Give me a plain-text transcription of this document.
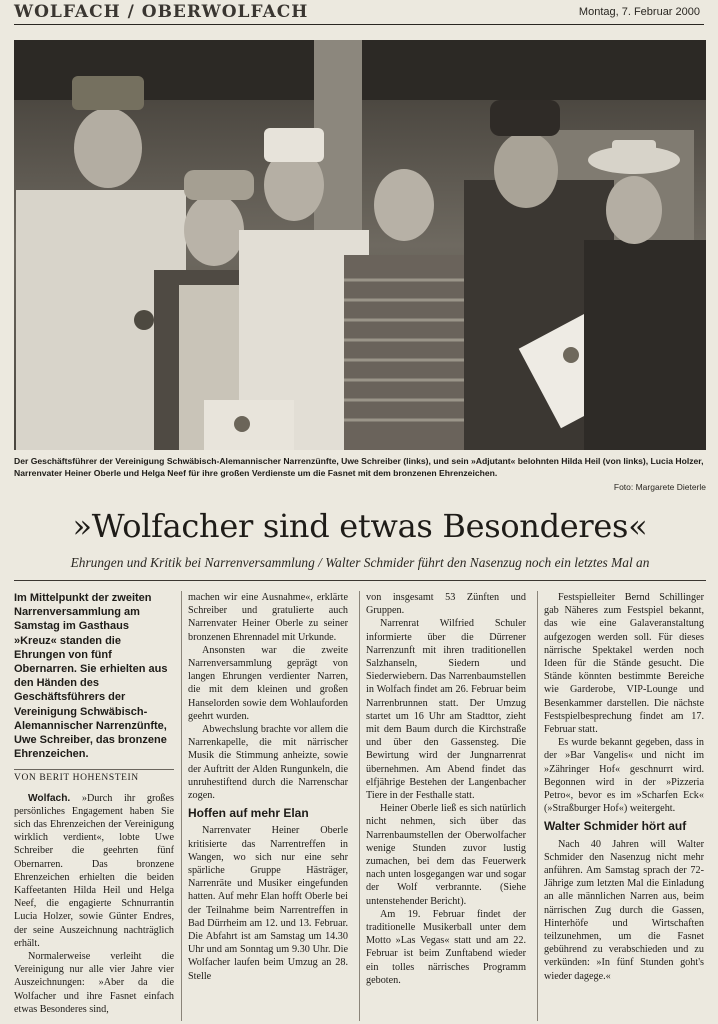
WOLFACH / OBERWOLFACH	Montag, 7. Februar 2000
Der Geschäftsführer der Vereinigung Schwäbisch-Alemannischer Narrenzünfte, Uwe Schreiber (links), und sein »Adjutant« belohnten Hilda Heil (von links), Lucia Holzer, Narrenvater Heiner Oberle und Helga Neef für ihre großen Verdienste um die Fasnet mit dem bronzenen Ehrenzeichen.
Foto: Margarete Dieterle
»Wolfacher sind etwas Besonderes«
Ehrungen und Kritik bei Narrenversammlung / Walter Schmider führt den Nasenzug noch ein letztes Mal an

Im Mittelpunkt der zweiten Narrenversammlung am Samstag im Gasthaus »Kreuz« standen die Ehrungen von fünf Obernarren. Sie erhielten aus den Händen des Geschäftsführers der Vereinigung Schwäbisch-Alemannischer Narrenzünfte, Uwe Schreiber, das bronzene Ehrenzeichen.

VON BERIT HOHENSTEIN

Wolfach. »Durch ihr großes persönliches Engagement haben Sie sich das Ehrenzeichen der Vereinigung wirklich verdient«, lobte Uwe Schreiber die geehrten fünf Obernarren. Das bronzene Ehrenzeichen erhielten die beiden Kaffeetanten Hilda Heil und Helga Neef, die engagierte Schnurrantin Lucia Holzer, sowie Günter Endres, der seine Auszeichnung nachträglich erhält.

Normalerweise verleiht die Vereinigung nur alle vier Jahre vier Auszeichnungen: »Aber da die Wolfacher und ihre Fasnet einfach etwas Besonderes sind,

machen wir eine Ausnahme«, erklärte Schreiber und gratulierte auch Narrenvater Heiner Oberle zu seiner bronzenen Ehrennadel mit Urkunde.

Ansonsten war die zweite Narrenversammlung geprägt von langen Ehrungen verdienter Narren, die mit dem kleinen und großen Hanselorden sowie dem Wohlauforden geehrt wurden.

Abwechslung brachte vor allem die Narrenkapelle, die mit närrischer Musik die Stimmung anheizte, sowie der Auftritt der Alden Rungunkeln, die unruhestiftend durch die Narrenschar zogen.

Hoffen auf mehr Elan

Narrenvater Heiner Oberle kritisierte das Narrentreffen in Wangen, wo sich nur eine sehr spärliche Gruppe Hästräger, Narrenräte und Musiker eingefunden hatten. Auf mehr Elan hofft Oberle bei der Teilnahme beim Narrentreffen in Bad Dürrheim am 12. und 13. Februar. Die Abfahrt ist am Samstag um 14.30 Uhr und am Sonntag um 9.30 Uhr. Die Wolfacher laufen beim Umzug an 28. Stelle

von insgesamt 53 Zünften und Gruppen.

Narrenrat Wilfried Schuler informierte über die Dürrener Narrenzunft mit ihren traditionellen Salzhanseln, Siedern und Siederwiebern. Das Narrenbaumstellen in Wolfach findet am 26. Februar beim Narrenbrunnen statt. Der Umzug startet um 16 Uhr am Stadttor, zieht mit dem Baum durch die Kirchstraße und über den Gassensteg. Die Bewirtung wird der Jungnarrenrat übernehmen. Am Abend findet das elfjährige Bestehen der Langenbacher Tiere in der Festhalle statt.

Heiner Oberle ließ es sich natürlich nicht nehmen, sich über das Narrenbaumstellen der Oberwolfacher wenige Stunden zuvor lustig zumachen, bei dem das Feuerwerk nach unten losgegangen war und sogar der Wolf verbrannte. (Siehe untenstehender Bericht).

Am 19. Februar findet der traditionelle Musikerball unter dem Motto »Las Vegas« statt und am 22. Februar ist beim Zunftabend wieder ein tolles närrisches Programm geboten.

Festspielleiter Bernd Schillinger gab Näheres zum Festspiel bekannt, das wie eine Galaveranstaltung aufgezogen werden soll. Für dieses närrische Spektakel werden noch Ideen für die Stände gesucht. Die Stände könnten bestimmte Bereiche wie Garderobe, VIP-Lounge und Besenkammer darstellen. Die nächste Festspielbesprechung findet am 17. Februar statt.

Es wurde bekannt gegeben, dass in der »Bar Vangelis« und nicht im »Zähringer Hof« geschnurrt wird. Begonnen wird in der »Pizzeria Petro«, bevor es im »Scharfen Eck« (»Straßburger Hof«) weitergeht.

Walter Schmider hört auf

Nach 40 Jahren will Walter Schmider den Nasenzug nicht mehr anführen. Am Samstag sprach der 72-Jährige zum letzten Mal die Einladung an alle männlichen Narren aus, beim närrischen Zug durch die Gassen, Hinterhöfe und Wirtschaften teilzunehmen, um die Fasnet gebührend zu verabschieden und zu verkünden: »In fünf Stunden goht's wieder dagege.«
